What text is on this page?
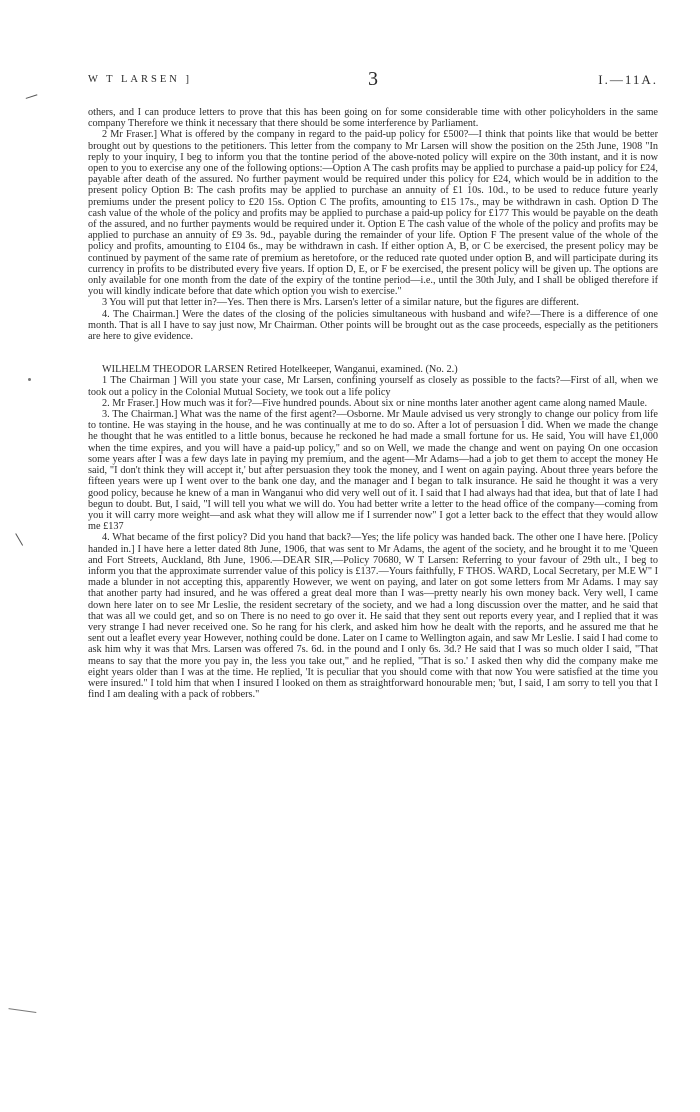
W T LARSEN ]	3	I.—11A.

others, and I can produce letters to prove that this has been going on for some considerable time with other policyholders in the same company Therefore we think it necessary that there should be some interference by Parliament.

2 Mr Fraser.] What is offered by the company in regard to the paid-up policy for £500?—I think that points like that would be better brought out by questions to the petitioners. This letter from the company to Mr Larsen will show the position on the 25th June, 1908 "In reply to your inquiry, I beg to inform you that the tontine period of the above-noted policy will expire on the 30th instant, and it is now open to you to exercise any one of the following options:—Option A The cash profits may be applied to purchase a paid-up policy for £24, payable after death of the assured. No further payment would be required under this policy for £24, which would be in addition to the present policy Option B: The cash profits may be applied to purchase an annuity of £1 10s. 10d., to be used to reduce future yearly premiums under the present policy to £20 15s. Option C The profits, amounting to £15 17s., may be withdrawn in cash. Option D The cash value of the whole of the policy and profits may be applied to purchase a paid-up policy for £177 This would be payable on the death of the assured, and no further payments would be required under it. Option E The cash value of the whole of the policy and profits may be applied to purchase an annuity of £9 3s. 9d., payable during the remainder of your life. Option F The present value of the whole of the policy and profits, amounting to £104 6s., may be withdrawn in cash. If either option A, B, or C be exercised, the present policy may be continued by payment of the same rate of premium as heretofore, or the reduced rate quoted under option B, and will participate during its currency in profits to be distributed every five years. If option D, E, or F be exercised, the present policy will be given up. The options are only available for one month from the date of the expiry of the tontine period—i.e., until the 30th July, and I shall be obliged therefore if you will kindly indicate before that date which option you wish to exercise."

3 You will put that letter in?—Yes. Then there is Mrs. Larsen's letter of a similar nature, but the figures are different.

4. The Chairman.] Were the dates of the closing of the policies simultaneous with husband and wife?—There is a difference of one month. That is all I have to say just now, Mr Chairman. Other points will be brought out as the case proceeds, especially as the petitioners are here to give evidence.

WILHELM THEODOR LARSEN Retired Hotelkeeper, Wanganui, examined. (No. 2.)

1 The Chairman ] Will you state your case, Mr Larsen, confining yourself as closely as possible to the facts?—First of all, when we took out a policy in the Colonial Mutual Society, we took out a life policy

2. Mr Fraser.] How much was it for?—Five hundred pounds. About six or nine months later another agent came along named Maule.

3. The Chairman.] What was the name of the first agent?—Osborne. Mr Maule advised us very strongly to change our policy from life to tontine. He was staying in the house, and he was continually at me to do so. After a lot of persuasion I did. When we made the change he thought that he was entitled to a little bonus, because he reckoned he had made a small fortune for us. He said, You will have £1,000 when the time expires, and you will have a paid-up policy," and so on Well, we made the change and went on paying On one occasion some years after I was a few days late in paying my premium, and the agent—Mr Adams—had a job to get them to accept the money He said, "I don't think they will accept it,' but after persuasion they took the money, and I went on again paying. About three years before the fifteen years were up I went over to the bank one day, and the manager and I began to talk insurance. He said he thought it was a very good policy, because he knew of a man in Wanganui who did very well out of it. I said that I had always had that idea, but that of late I had begun to doubt. But, I said, "I will tell you what we will do. You had better write a letter to the head office of the company—coming from you it will carry more weight—and ask what they will allow me if I surrender now" I got a letter back to the effect that they would allow me £137

4. What became of the first policy? Did you hand that back?—Yes; the life policy was handed back. The other one I have here. [Policy handed in.] I have here a letter dated 8th June, 1906, that was sent to Mr Adams, the agent of the society, and he brought it to me 'Queen and Fort Streets, Auckland, 8th June, 1906.—DEAR SIR,—Policy 70680, W T Larsen: Referring to your favour of 29th ult., I beg to inform you that the approximate surrender value of this policy is £137.—Yours faithfully, F THOS. WARD, Local Secretary, per M.E W" I made a blunder in not accepting this, apparently However, we went on paying, and later on got some letters from Mr Adams. I may say that another party had insured, and he was offered a great deal more than I was—pretty nearly his own money back. Very well, I came down here later on to see Mr Leslie, the resident secretary of the society, and we had a long discussion over the matter, and he said that that was all we could get, and so on There is no need to go over it. He said that they sent out reports every year, and I replied that it was very strange I had never received one. So he rang for his clerk, and asked him how he dealt with the reports, and he assured me that he sent out a leaflet every year However, nothing could be done. Later on I came to Wellington again, and saw Mr Leslie. I said I had come to ask him why it was that Mrs. Larsen was offered 7s. 6d. in the pound and I only 6s. 3d.? He said that I was so much older I said, "That means to say that the more you pay in, the less you take out," and he replied, "That is so.' I asked then why did the company make me eight years older than I was at the time. He replied, 'It is peculiar that you should come with that now You were satisfied at the time you were insured." I told him that when I insured I looked on them as straightforward honourable men; 'but, I said, I am sorry to tell you that I find I am dealing with a pack of robbers."
